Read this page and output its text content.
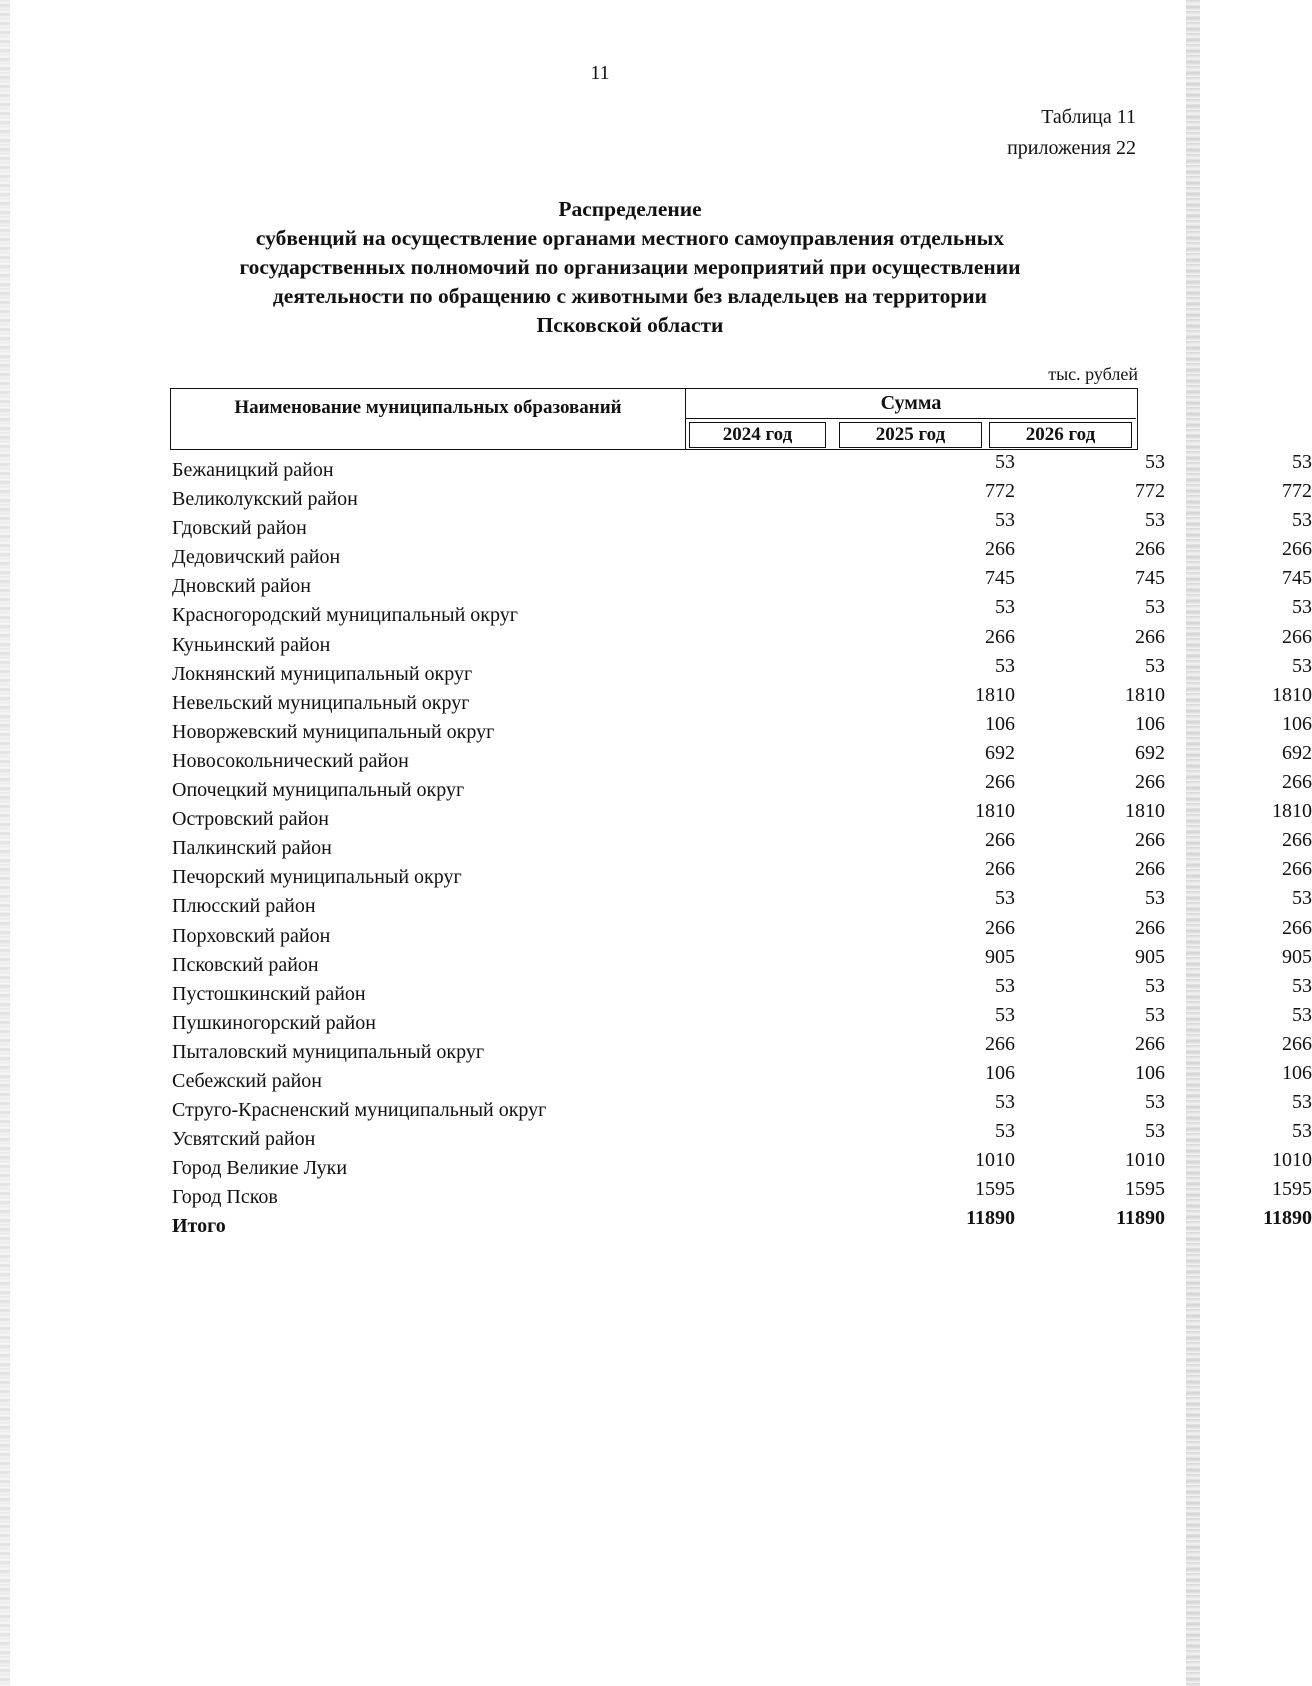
11
Таблица 11
приложения 22
Распределение
субвенций на осуществление органами местного самоуправления отдельных
государственных полномочий по организации мероприятий при осуществлении
деятельности по обращению с животными без владельцев на территории
Псковской области
тыс. рублей
Наименование муниципальных образований	Сумма
2024 год	2025 год	2026 год
Бежаницкий район	53	53	53
Великолукский район	772	772	772
Гдовский район	53	53	53
Дедовичский район	266	266	266
Дновский район	745	745	745
Красногородский муниципальный округ	53	53	53
Куньинский район	266	266	266
Локнянский муниципальный округ	53	53	53
Невельский муниципальный округ	1810	1810	1810
Новоржевский муниципальный округ	106	106	106
Новосокольнический район	692	692	692
Опочецкий муниципальный округ	266	266	266
Островский район	1810	1810	1810
Палкинский район	266	266	266
Печорский муниципальный округ	266	266	266
Плюсский район	53	53	53
Порховский район	266	266	266
Псковский район	905	905	905
Пустошкинский район	53	53	53
Пушкиногорский район	53	53	53
Пыталовский муниципальный округ	266	266	266
Себежский район	106	106	106
Струго-Красненский муниципальный округ	53	53	53
Усвятский район	53	53	53
Город Великие Луки	1010	1010	1010
Город Псков	1595	1595	1595
Итого	11890	11890	11890
